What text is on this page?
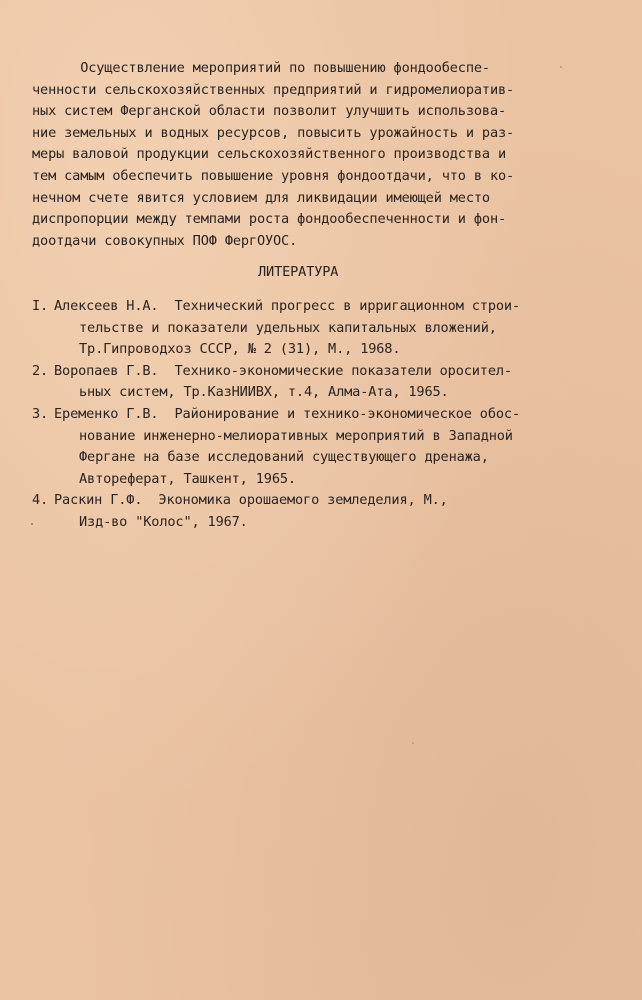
Осуществление мероприятий по повышению фондообеспе-
ченности сельскохозяйственных предприятий и гидромелиоратив-
ных систем Ферганской области позволит улучшить использова-
ние земельных и водных ресурсов, повысить урожайность и раз-
меры валовой продукции сельскохозяйственного производства и
тем самым обеспечить повышение уровня фондоотдачи, что в ко-
нечном счете явится условием для ликвидации имеющей место
диспропорции между темпами роста фондообеспеченности и фон-
доотдачи совокупных ПОФ ФергОУОС.
ЛИТЕРАТУРА
I. Алексеев Н.А.  Технический прогресс в ирригационном строи-
тельстве и показатели удельных капитальных вложений,
Тр.Гипроводхоз СССР, № 2 (31), М., 1968.
2. Воропаев Г.В.  Технико-экономические показатели оросител-
ьных систем, Тр.КазНИИВХ, т.4, Алма-Ата, 1965.
3. Еременко Г.В.  Районирование и технико-экономическое обос-
нование инженерно-мелиоративных мероприятий в Западной
Фергане на базе исследований существующего дренажа,
Автореферат, Ташкент, 1965.
4. Раскин Г.Ф.  Экономика орошаемого земледелия, М.,
Изд-во "Колос", 1967.
